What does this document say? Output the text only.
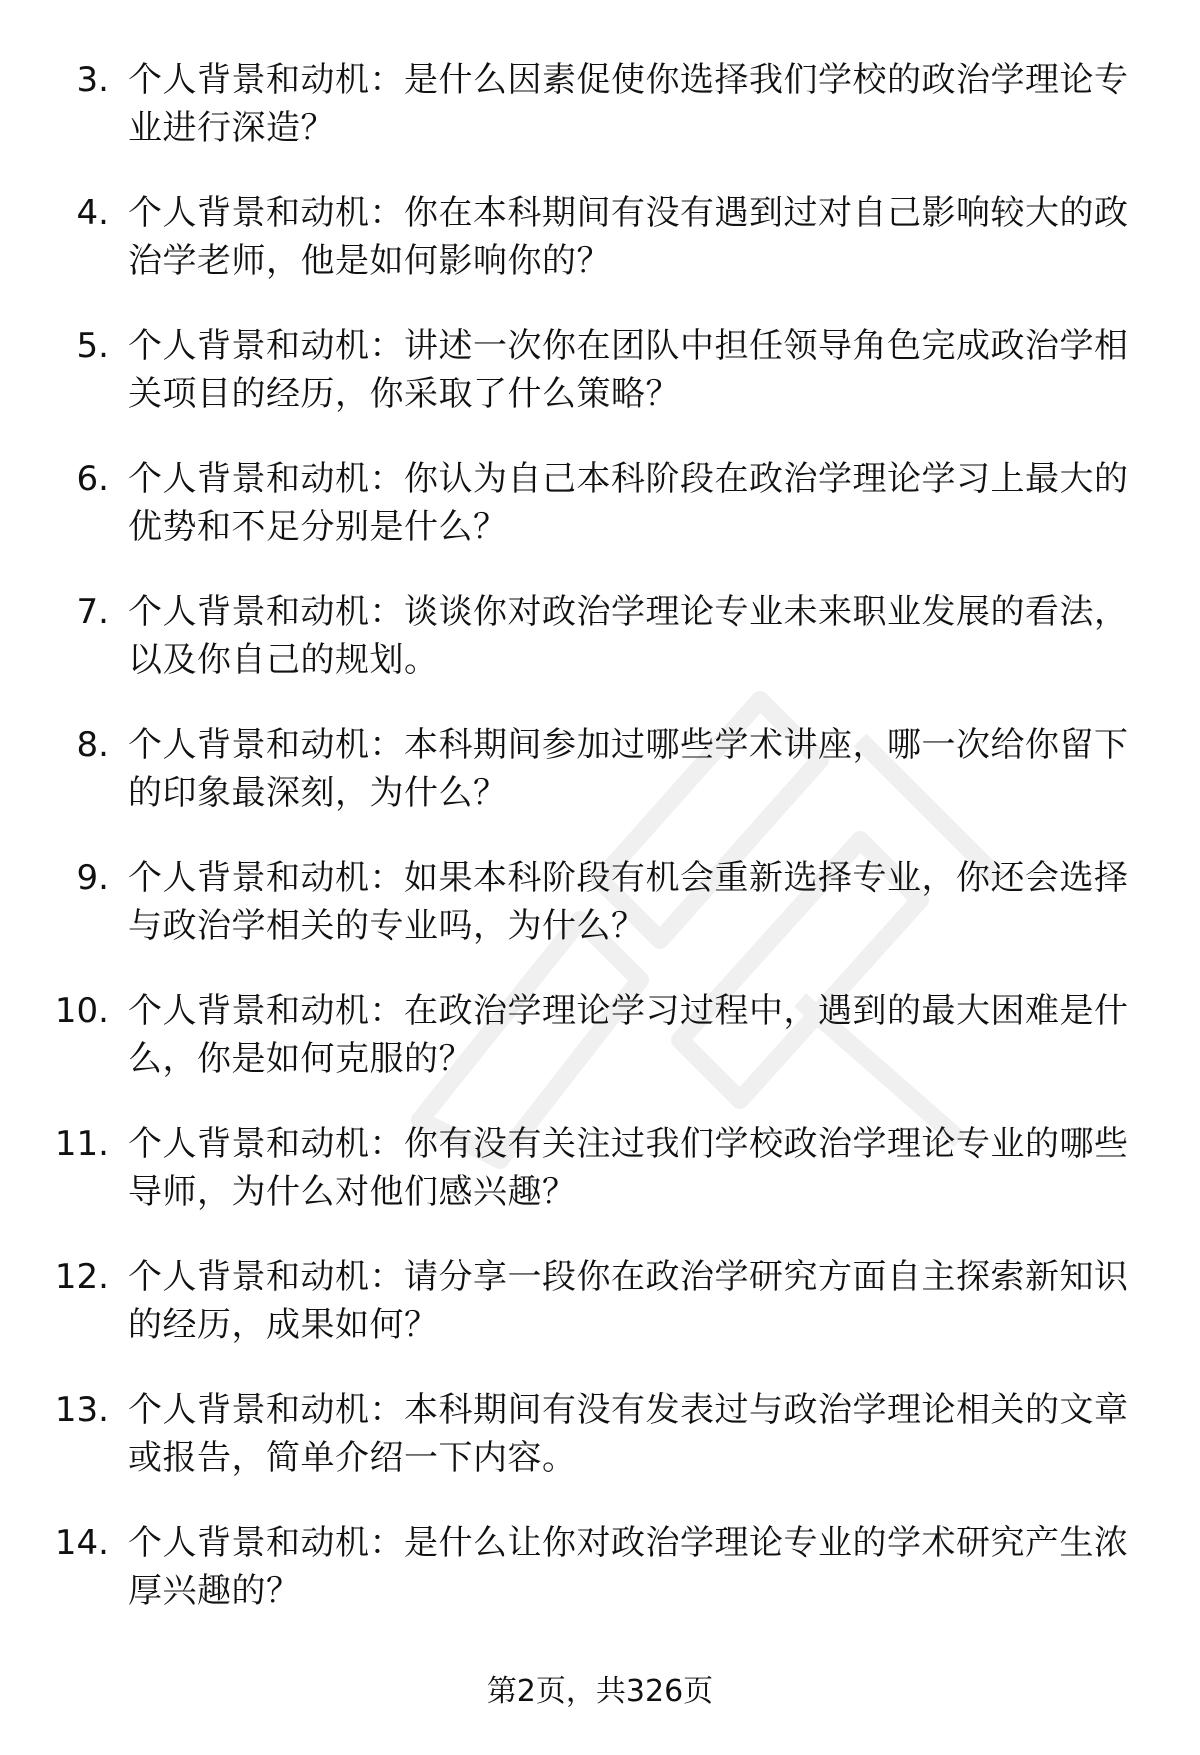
3. 个人背景和动机：是什么因素促使你选择我们学校的政治学理论专业进行深造？
4. 个人背景和动机：你在本科期间有没有遇到过对自己影响较大的政治学老师，他是如何影响你的？
5. 个人背景和动机：讲述一次你在团队中担任领导角色完成政治学相关项目的经历，你采取了什么策略？
6. 个人背景和动机：你认为自己本科阶段在政治学理论学习上最大的优势和不足分别是什么？
7. 个人背景和动机：谈谈你对政治学理论专业未来职业发展的看法，以及你自己的规划。
8. 个人背景和动机：本科期间参加过哪些学术讲座，哪一次给你留下的印象最深刻，为什么？
9. 个人背景和动机：如果本科阶段有机会重新选择专业，你还会选择与政治学相关的专业吗，为什么？
10. 个人背景和动机：在政治学理论学习过程中，遇到的最大困难是什么，你是如何克服的？
11. 个人背景和动机：你有没有关注过我们学校政治学理论专业的哪些导师，为什么对他们感兴趣？
12. 个人背景和动机：请分享一段你在政治学研究方面自主探索新知识的经历，成果如何？
13. 个人背景和动机：本科期间有没有发表过与政治学理论相关的文章或报告，简单介绍一下内容。
14. 个人背景和动机：是什么让你对政治学理论专业的学术研究产生浓厚兴趣的？
第2页，共326页
